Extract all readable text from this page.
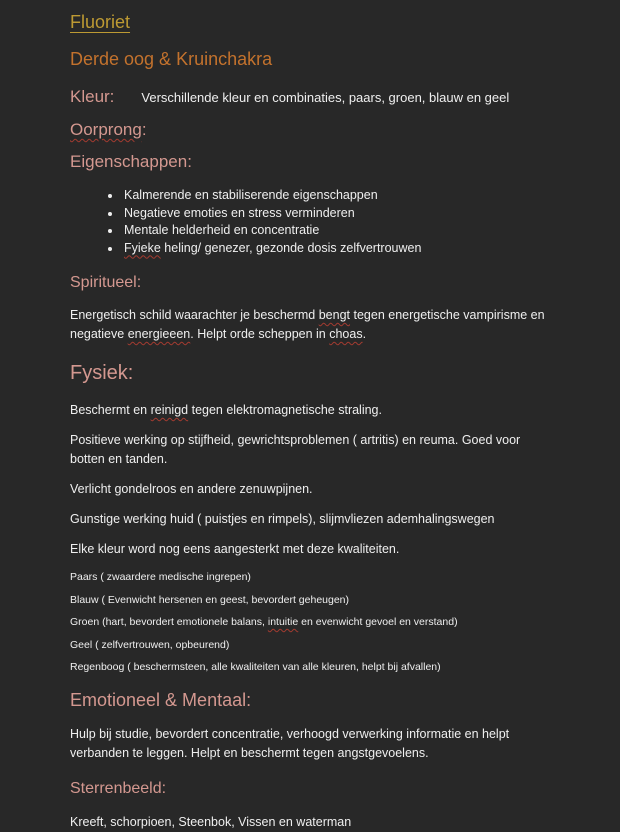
Fluoriet
Derde oog & Kruinchakra
Kleur: Verschillende kleur en combinaties, paars, groen, blauw en geel
Oorprong:
Eigenschappen:
Kalmerende en stabiliserende eigenschappen
Negatieve emoties en stress verminderen
Mentale helderheid en concentratie
Fyieke heling/ genezer, gezonde dosis zelfvertrouwen
Spiritueel:

Energetisch schild waarachter je beschermd bengt tegen energetische vampirisme en negatieve energieeen. Helpt orde scheppen in choas.

Fysiek:

Beschermt en reinigd tegen elektromagnetische straling.

Positieve werking op stijfheid, gewrichtsproblemen ( artritis) en reuma. Goed voor botten en tanden.

Verlicht gondelroos en andere zenuwpijnen.

Gunstige werking huid ( puistjes en rimpels), slijmvliezen ademhalingswegen

Elke kleur word nog eens aangesterkt met deze kwaliteiten.

Paars ( zwaardere medische ingrepen)

Blauw ( Evenwicht hersenen en geest, bevordert geheugen)

Groen (hart, bevordert emotionele balans, intuitie en evenwicht gevoel en verstand)

Geel ( zelfvertrouwen, opbeurend)

Regenboog ( beschermsteen, alle kwaliteiten van alle kleuren, helpt bij afvallen)

Emotioneel & Mentaal:

Hulp bij studie, bevordert concentratie, verhoogd verwerking informatie en helpt verbanden te leggen. Helpt en beschermt tegen angstgevoelens.

Sterrenbeeld:

Kreeft, schorpioen, Steenbok, Vissen en waterman
